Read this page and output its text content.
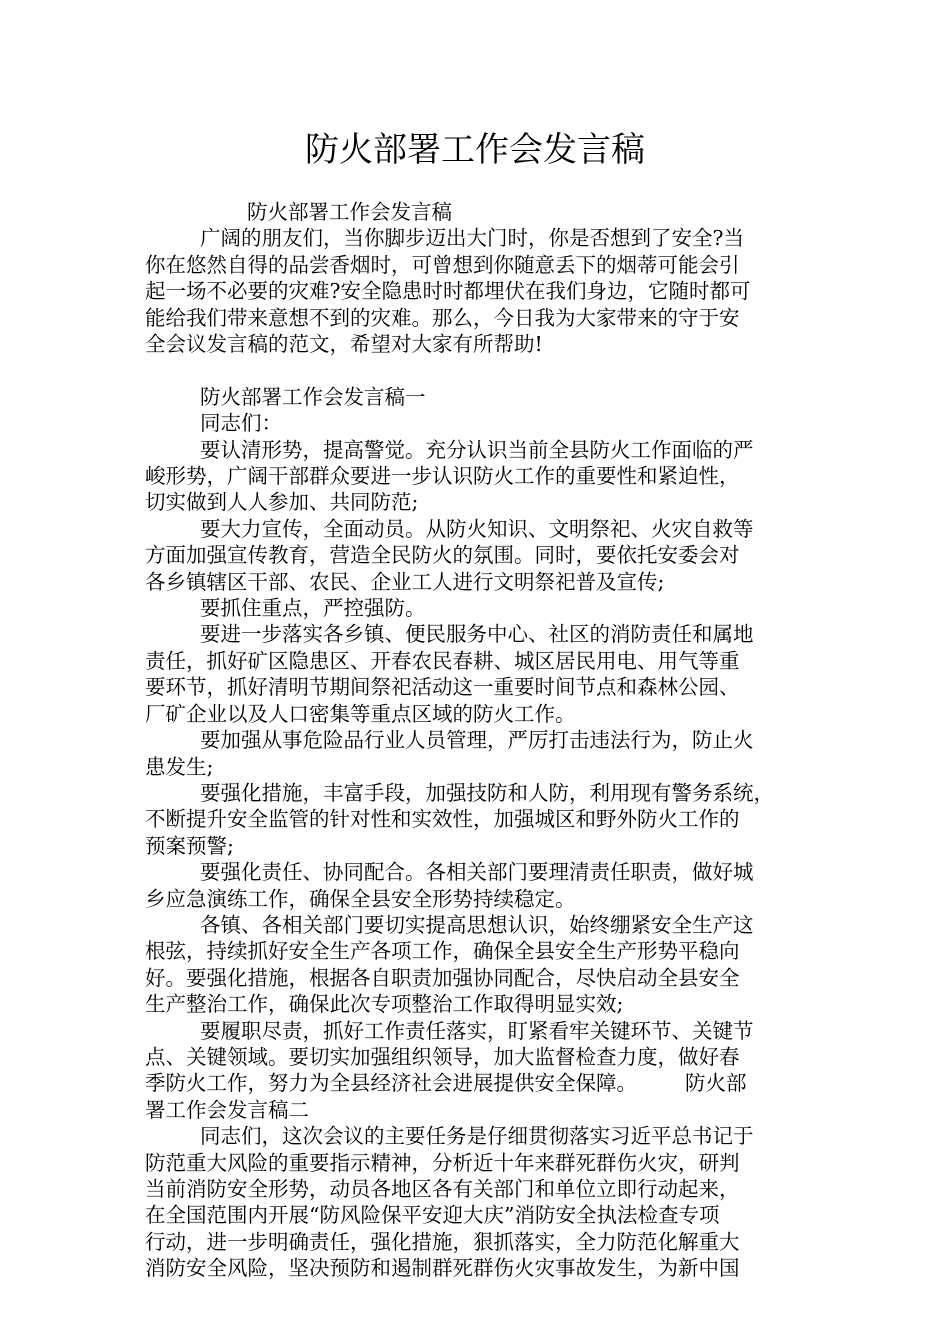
防火部署工作会发言稿

防火部署工作会发言稿

广阔的朋友们，当你脚步迈出大门时，你是否想到了安全?当

你在悠然自得的品尝香烟时，可曾想到你随意丢下的烟蒂可能会引

起一场不必要的灾难?安全隐患时时都埋伏在我们身边，它随时都可

能给我们带来意想不到的灾难。那么，今日我为大家带来的守于安

全会议发言稿的范文，希望对大家有所帮助!

防火部署工作会发言稿一

同志们：

要认清形势，提高警觉。充分认识当前全县防火工作面临的严

峻形势，广阔干部群众要进一步认识防火工作的重要性和紧迫性，

切实做到人人参加、共同防范;

要大力宣传，全面动员。从防火知识、文明祭祀、火灾自救等

方面加强宣传教育，营造全民防火的氛围。同时，要依托安委会对

各乡镇辖区干部、农民、企业工人进行文明祭祀普及宣传;

要抓住重点，严控强防。

要进一步落实各乡镇、便民服务中心、社区的消防责任和属地

责任，抓好矿区隐患区、开春农民春耕、城区居民用电、用气等重

要环节，抓好清明节期间祭祀活动这一重要时间节点和森林公园、

厂矿企业以及人口密集等重点区域的防火工作。

要加强从事危险品行业人员管理，严厉打击违法行为，防止火

患发生;

要强化措施，丰富手段，加强技防和人防，利用现有警务系统，

不断提升安全监管的针对性和实效性，加强城区和野外防火工作的

预案预警;

要强化责任、协同配合。各相关部门要理清责任职责，做好城

乡应急演练工作，确保全县安全形势持续稳定。

各镇、各相关部门要切实提高思想认识，始终绷紧安全生产这

根弦，持续抓好安全生产各项工作，确保全县安全生产形势平稳向

好。要强化措施，根据各自职责加强协同配合，尽快启动全县安全

生产整治工作，确保此次专项整治工作取得明显实效;

要履职尽责，抓好工作责任落实，盯紧看牢关键环节、关键节

点、关键领域。要切实加强组织领导，加大监督检查力度，做好春

季防火工作，努力为全县经济社会进展提供安全保障。 防火部

署工作会发言稿二

同志们，这次会议的主要任务是仔细贯彻落实习近平总书记于

防范重大风险的重要指示精神，分析近十年来群死群伤火灾，研判

当前消防安全形势，动员各地区各有关部门和单位立即行动起来，

在全国范围内开展“防风险保平安迎大庆”消防安全执法检查专项

行动，进一步明确责任，强化措施，狠抓落实，全力防范化解重大

消防安全风险，坚决预防和遏制群死群伤火灾事故发生，为新中国
